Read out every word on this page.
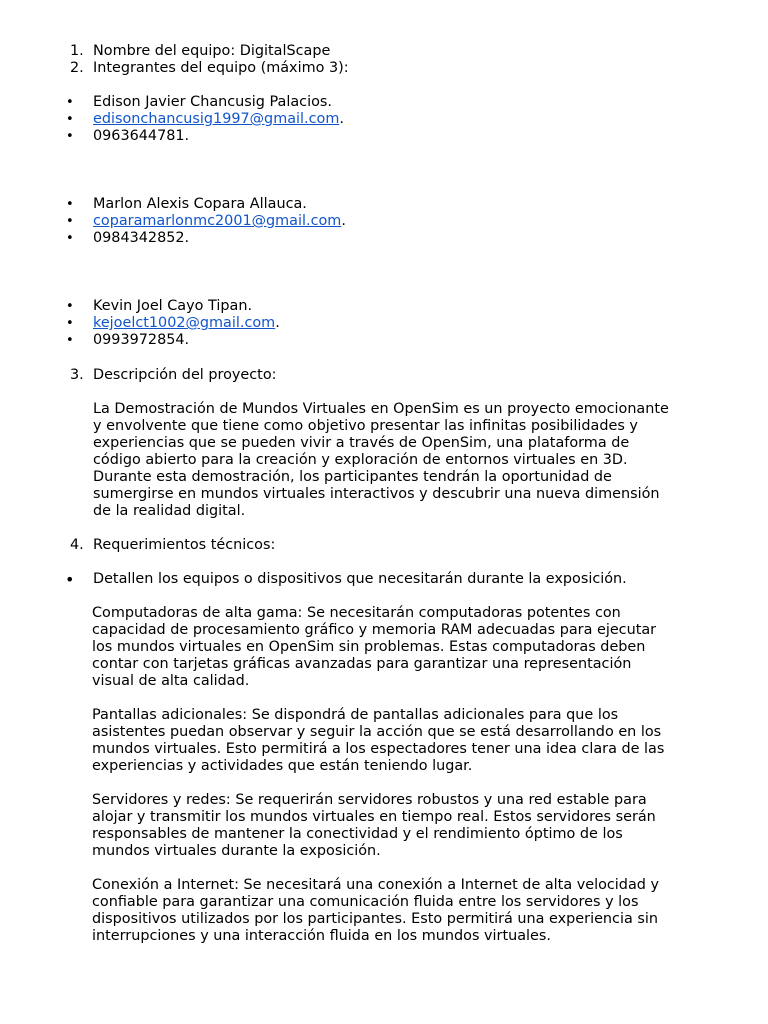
1. Nombre del equipo: DigitalScape
2. Integrantes del equipo (máximo 3):
•	Edison Javier Chancusig Palacios.
•	edisonchancusig1997@gmail.com.
•	0963644781.
•	Marlon Alexis Copara Allauca.
•	coparamarlonmc2001@gmail.com.
•	0984342852.
•	Kevin Joel Cayo Tipan.
•	kejoelct1002@gmail.com.
•	0993972854.
3. Descripción del proyecto:
La Demostración de Mundos Virtuales en OpenSim es un proyecto emocionante
y envolvente que tiene como objetivo presentar las infinitas posibilidades y
experiencias que se pueden vivir a través de OpenSim, una plataforma de
código abierto para la creación y exploración de entornos virtuales en 3D.
Durante esta demostración, los participantes tendrán la oportunidad de
sumergirse en mundos virtuales interactivos y descubrir una nueva dimensión
de la realidad digital.
4. Requerimientos técnicos:
•	Detallen los equipos o dispositivos que necesitarán durante la exposición.
Computadoras de alta gama: Se necesitarán computadoras potentes con
capacidad de procesamiento gráfico y memoria RAM adecuadas para ejecutar
los mundos virtuales en OpenSim sin problemas. Estas computadoras deben
contar con tarjetas gráficas avanzadas para garantizar una representación
visual de alta calidad.
Pantallas adicionales: Se dispondrá de pantallas adicionales para que los
asistentes puedan observar y seguir la acción que se está desarrollando en los
mundos virtuales. Esto permitirá a los espectadores tener una idea clara de las
experiencias y actividades que están teniendo lugar.
Servidores y redes: Se requerirán servidores robustos y una red estable para
alojar y transmitir los mundos virtuales en tiempo real. Estos servidores serán
responsables de mantener la conectividad y el rendimiento óptimo de los
mundos virtuales durante la exposición.
Conexión a Internet: Se necesitará una conexión a Internet de alta velocidad y
confiable para garantizar una comunicación fluida entre los servidores y los
dispositivos utilizados por los participantes. Esto permitirá una experiencia sin
interrupciones y una interacción fluida en los mundos virtuales.
